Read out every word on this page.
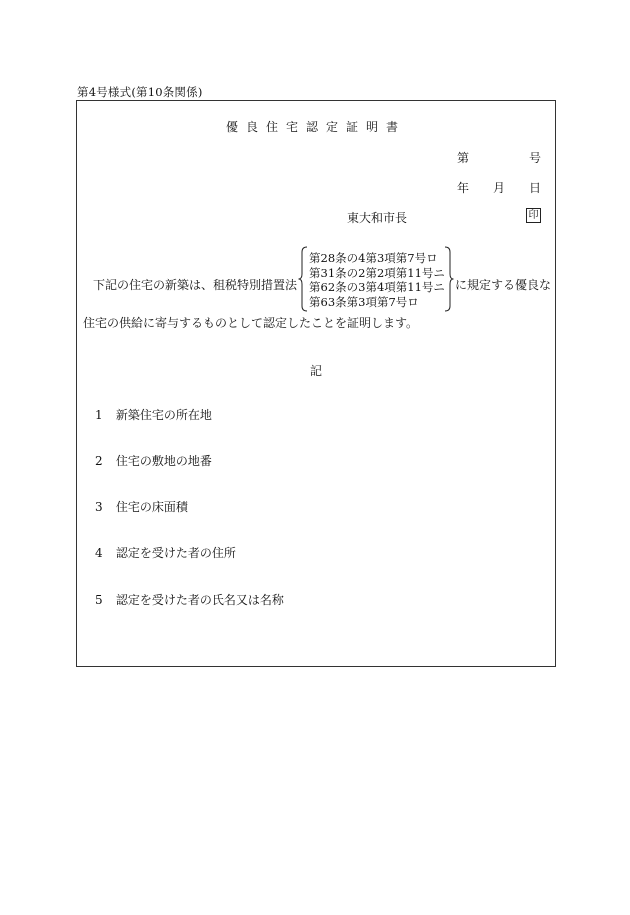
第4号様式(第10条関係)
優良住宅認定証明書
第	号
年 月 日
東大和市長	印
下記の住宅の新築は、租税特別措置法
第28条の4第3項第7号ロ
第31条の2第2項第11号ニ
第62条の3第4項第11号ニ
第63条第3項第7号ロ
に規定する優良な
住宅の供給に寄与するものとして認定したことを証明します。
記
1 新築住宅の所在地
2 住宅の敷地の地番
3 住宅の床面積
4 認定を受けた者の住所
5 認定を受けた者の氏名又は名称
